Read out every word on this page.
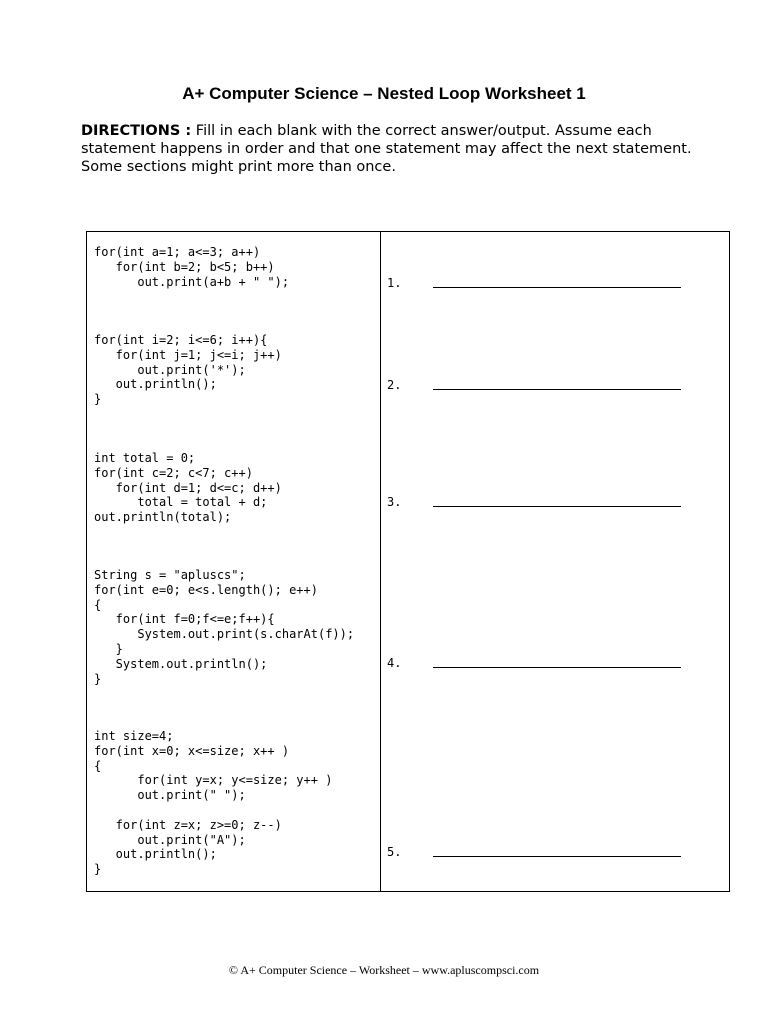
A+ Computer Science – Nested Loop Worksheet 1
DIRECTIONS : Fill in each blank with the correct answer/output. Assume each statement happens in order and that one statement may affect the next statement.
Some sections might print more than once.
for(int a=1; a<=3; a++)
for(int b=2; b<5; b++)
out.print(a+b + " ");	1.
for(int i=2; i<=6; i++){
for(int j=1; j<=i; j++)
out.print('*');
out.println();
}
2.
int total = 0;
for(int c=2; c<7; c++)
for(int d=1; d<=c; d++)
total = total + d;
out.println(total);
3.
String s = "apluscs";
for(int e=0; e<s.length(); e++)
{
for(int f=0;f<=e;f++){
System.out.print(s.charAt(f));
}
System.out.println();
}
4.
int size=4;
for(int x=0; x<=size; x++ )
{
for(int y=x; y<=size; y++ )
out.print(" ");

for(int z=x; z>=0; z--)
out.print("A");
out.println();
}
5.
© A+ Computer Science – Worksheet – www.apluscompsci.com
